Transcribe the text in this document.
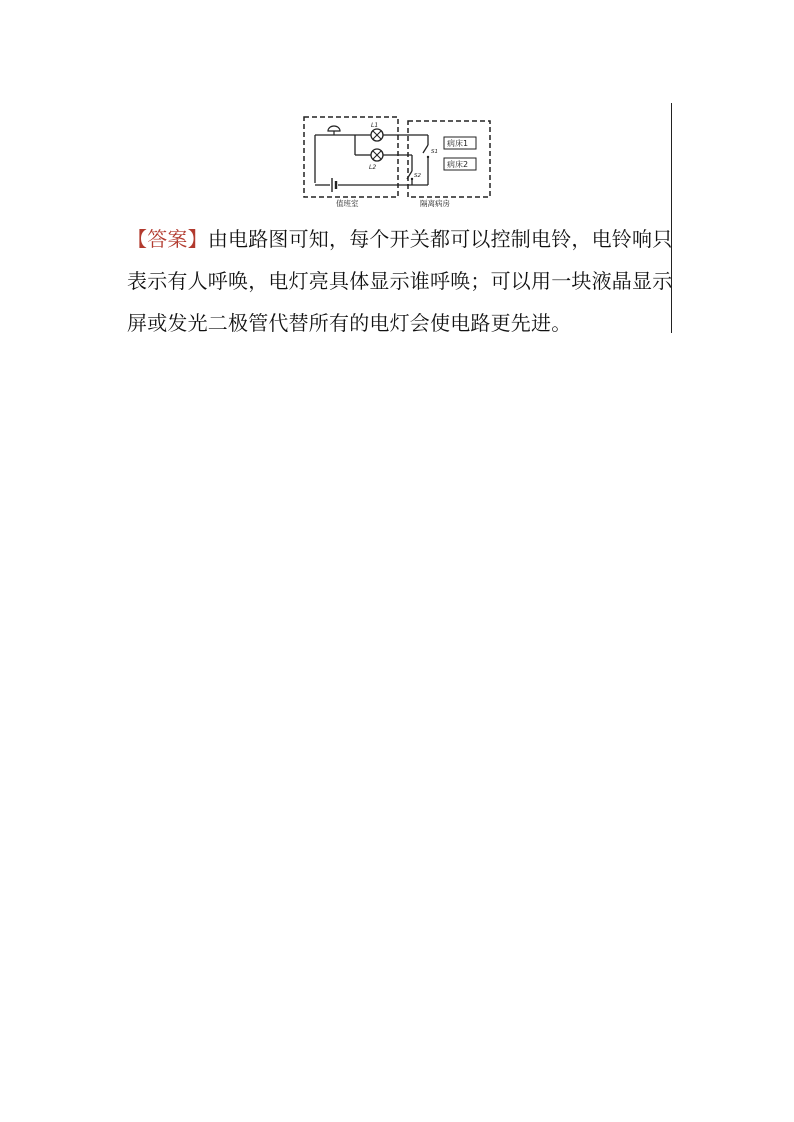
L1
L2
S1
S2
病床1
病床2
值班室	隔离病房
【答案】由电路图可知，每个开关都可以控制电铃，电铃响只
表示有人呼唤，电灯亮具体显示谁呼唤；可以用一块液晶显示
屏或发光二极管代替所有的电灯会使电路更先进。
